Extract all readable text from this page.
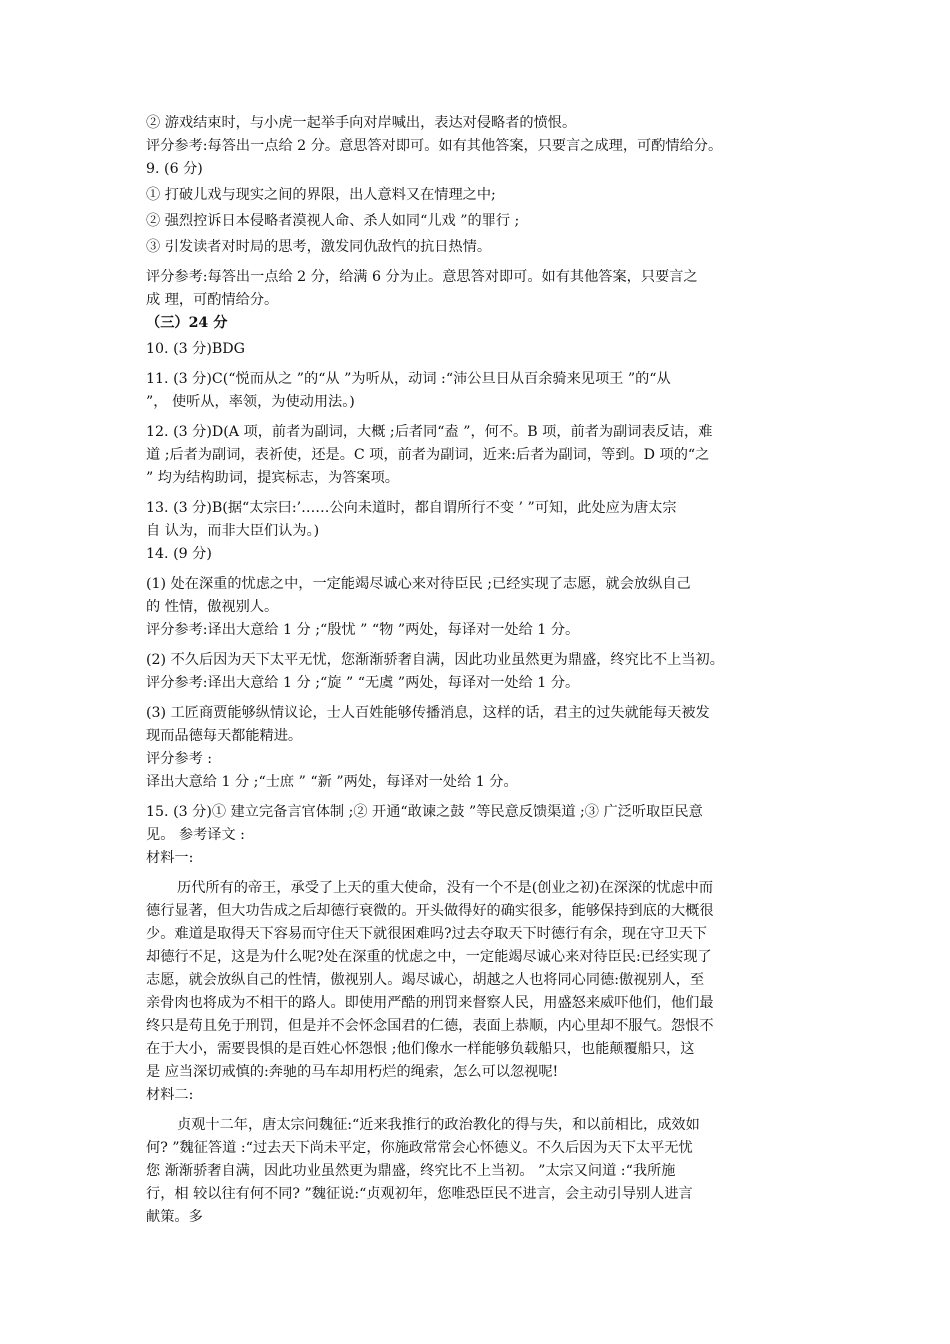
② 游戏结束时，与小虎一起举手向对岸喊出，表达对侵略者的愤恨。
评分参考:每答出一点给 2 分。意思答对即可。如有其他答案，只要言之成理，可酌情给分。
9. (6 分)
① 打破儿戏与现实之间的界限，出人意料又在情理之中;
② 强烈控诉日本侵略者漠视人命、杀人如同“儿戏 ”的罪行 ;
③ 引发读者对时局的思考，激发同仇敌忾的抗日热情。
评分参考:每答出一点给 2 分，给满 6 分为止。意思答对即可。如有其他答案，只要言之
成 理，可酌情给分。
（三）24 分
10. (3 分)BDG
11. (3 分)C(“悦而从之 ”的“从 ”为听从，动词 :“沛公旦日从百余骑来见项王 ”的“从
”， 使听从，率领，为使动用法。)
12. (3 分)D(A 项，前者为副词，大概 ;后者同“盍 ”，何不。B 项，前者为副词表反诘，难
道 ;后者为副词，表祈使，还是。C 项，前者为副词，近来:后者为副词，等到。D 项的“之
” 均为结构助词，提宾标志，为答案项。
13. (3 分)B(据“太宗曰:’……公向未道时，都自谓所行不变 ’ ”可知，此处应为唐太宗
自 认为，而非大臣们认为。)
14. (9 分)
(1) 处在深重的忧虑之中，一定能竭尽诚心来对待臣民 ;已经实现了志愿，就会放纵自己
的 性情，傲视别人。
评分参考:译出大意给 1 分 ;“殷忧 ” “物 ”两处，每译对一处给 1 分。
(2) 不久后因为天下太平无忧，您渐渐骄奢自满，因此功业虽然更为鼎盛，终究比不上当初。
评分参考:译出大意给 1 分 ;“旋 ” “无虞 ”两处，每译对一处给 1 分。
(3) 工匠商贾能够纵情议论，士人百姓能够传播消息，这样的话，君主的过失就能每天被发
现而品德每天都能精进。
评分参考 :
译出大意给 1 分 ;“士庶 ” “新 ”两处，每译对一处给 1 分。
15. (3 分)① 建立完备言官体制 ;② 开通“敢谏之鼓 ”等民意反馈渠道 ;③ 广泛听取臣民意
见。 参考译文 :
材料一:
历代所有的帝王，承受了上天的重大使命，没有一个不是(创业之初)在深深的忧虑中而
德行显著，但大功告成之后却德行衰微的。开头做得好的确实很多，能够保持到底的大概很
少。难道是取得天下容易而守住天下就很困难吗?过去夺取天下时德行有余，现在守卫天下
却德行不足，这是为什么呢?处在深重的忧虑之中，一定能竭尽诚心来对待臣民:已经实现了
志愿，就会放纵自己的性情，傲视别人。竭尽诚心，胡越之人也将同心同德:傲视别人，至
亲骨肉也将成为不相干的路人。即使用严酷的刑罚来督察人民，用盛怒来威吓他们，他们最
终只是苟且免于刑罚，但是并不会怀念国君的仁德，表面上恭顺，内心里却不服气。怨恨不
在于大小，需要畏惧的是百姓心怀怨恨 ;他们像水一样能够负载船只，也能颠覆船只，这
是 应当深切戒慎的:奔驰的马车却用朽烂的绳索，怎么可以忽视呢!
材料二:
贞观十二年，唐太宗问魏征:“近来我推行的政治教化的得与失，和以前相比，成效如
何? ”魏征答道 :“过去天下尚未平定，你施政常常会心怀德义。不久后因为天下太平无忧
您 渐渐骄奢自满，因此功业虽然更为鼎盛，终究比不上当初。 ”太宗又问道 :“我所施
行，相 较以往有何不同? ”魏征说:“贞观初年，您唯恐臣民不进言，会主动引导别人进言
献策。多
